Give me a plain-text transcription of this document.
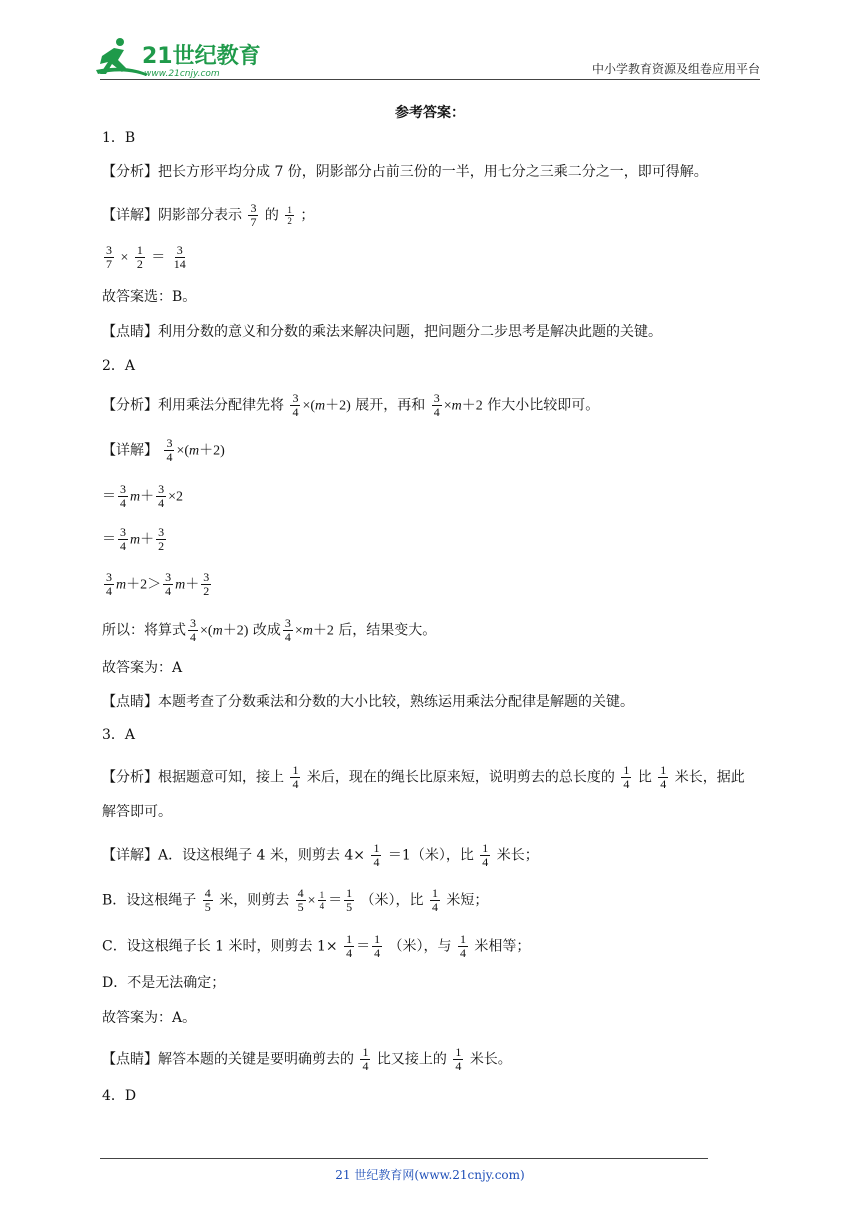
21世纪教育
www.21cnjy.com	中小学教育资源及组卷应用平台
参考答案：
1．B
【分析】把长方形平均分成 7 份，阴影部分占前三份的一半，用七分之三乘二分之一，即可得解。
【详解】阴影部分表示 $\frac{3}{7}$ 的 $\frac{1}{2}$ ；
$\frac{3}{7} \times \frac{1}{2} = \frac{3}{14}$
故答案选：B。
【点睛】利用分数的意义和分数的乘法来解决问题，把问题分二步思考是解决此题的关键。
2．A
【分析】利用乘法分配律先将 $\frac{3}{4} \times(m+2)$ 展开，再和 $\frac{3}{4} \times m+2$ 作大小比较即可。
【详解】 $\frac{3}{4} \times(m+2)$
＝ $\frac{3}{4} m+ \frac{3}{4} \times 2$
＝ $\frac{3}{4} m+ \frac{3}{2}$
$\frac{3}{4} m+2> \frac{3}{4} m+ \frac{3}{2}$
所以：将算式 $\frac{3}{4} \times(m+2)$ 改成 $\frac{3}{4} \times m+2$ 后，结果变大。
故答案为：A
【点睛】本题考查了分数乘法和分数的大小比较，熟练运用乘法分配律是解题的关键。
3．A
【分析】根据题意可知，接上 $\frac{1}{4}$ 米后，现在的绳长比原来短，说明剪去的总长度的 $\frac{1}{4}$ 比 $\frac{1}{4}$ 米长，据此
解答即可。
【详解】A．设这根绳子 4 米，则剪去 $4\times \frac{1}{4} =1$（米），比 $\frac{1}{4}$ 米长；
B．设这根绳子 $\frac{4}{5}$ 米，则剪去 $\frac{4}{5} \times \frac{1}{4} = \frac{1}{5}$ （米），比 $\frac{1}{4}$ 米短；
C．设这根绳子长 1 米时，则剪去 $1\times \frac{1}{4} = \frac{1}{4}$ （米），与 $\frac{1}{4}$ 米相等；
D．不是无法确定；
故答案为：A。
【点睛】解答本题的关键是要明确剪去的 $\frac{1}{4}$ 比又接上的 $\frac{1}{4}$ 米长。
4．D
21 世纪教育网(www.21cnjy.com)
